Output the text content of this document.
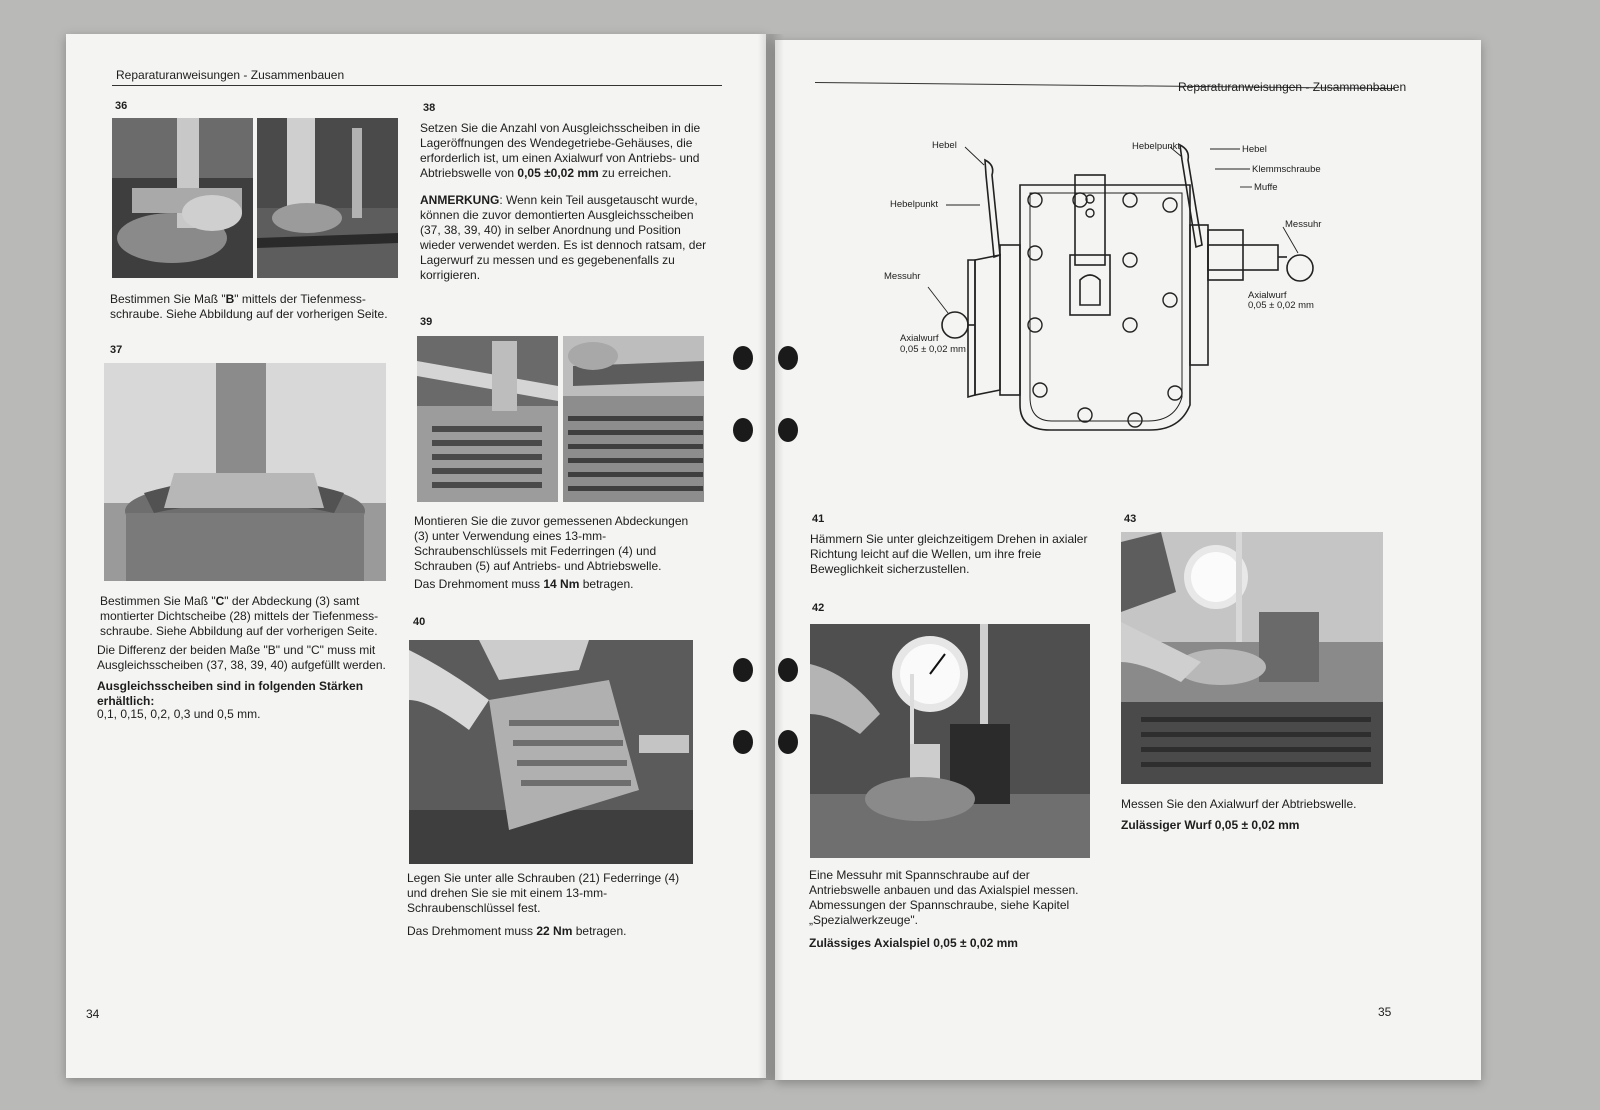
Reparaturanweisungen - Zusammenbauen
36
Bestimmen Sie Maß "B" mittels der Tiefenmess-schraube. Siehe Abbildung auf der vorherigen Seite.
37
Bestimmen Sie Maß "C" der Abdeckung (3) samt montierter Dichtscheibe (28) mittels der Tiefenmess-schraube. Siehe Abbildung auf der vorherigen Seite.
Die Differenz der beiden Maße "B" und "C" muss mit Ausgleichsscheiben (37, 38, 39, 40) aufgefüllt werden.
Ausgleichsscheiben sind in folgenden Stärken erhältlich:
0,1, 0,15, 0,2, 0,3 und 0,5 mm.
38
Setzen Sie die Anzahl von Ausgleichsscheiben in die Lageröffnungen des Wendegetriebe-Gehäuses, die erforderlich ist, um einen Axialwurf von Antriebs- und Abtriebswelle von 0,05 ±0,02 mm zu erreichen.
ANMERKUNG: Wenn kein Teil ausgetauscht wurde, können die zuvor demontierten Ausgleichsscheiben (37, 38, 39, 40) in selber Anordnung und Position wieder verwendet werden. Es ist dennoch ratsam, der Lagerwurf zu messen und es gegebenenfalls zu korrigieren.
39
Montieren Sie die zuvor gemessenen Abdeckungen (3) unter Verwendung eines 13-mm-Schraubenschlüssels mit Federringen (4) und Schrauben (5) auf Antriebs- und Abtriebswelle.
Das Drehmoment muss 14 Nm betragen.
40
Legen Sie unter alle Schrauben (21) Federringe (4) und drehen Sie sie mit einem 13-mm-Schraubenschlüssel fest.
Das Drehmoment muss 22 Nm betragen.
34
Reparaturanweisungen - Zusammenbauen
Hebel
Hebelpunkt
Messuhr
Axialwurf
0,05 ± 0,02 mm
Hebelpunkt	Hebel
Klemmschraube
Muffe
Messuhr
Axialwurf
0,05 ± 0,02 mm
41
Hämmern Sie unter gleichzeitigem Drehen in axialer Richtung leicht auf die Wellen, um ihre freie Beweglichkeit sicherzustellen.
42
Eine Messuhr mit Spannschraube auf der Antriebswelle anbauen und das Axialspiel messen. Abmessungen der Spannschraube, siehe Kapitel „Spezialwerkzeuge".
Zulässiges Axialspiel 0,05 ± 0,02 mm
43
Messen Sie den Axialwurf der Abtriebswelle.
Zulässiger Wurf 0,05 ± 0,02 mm
35
